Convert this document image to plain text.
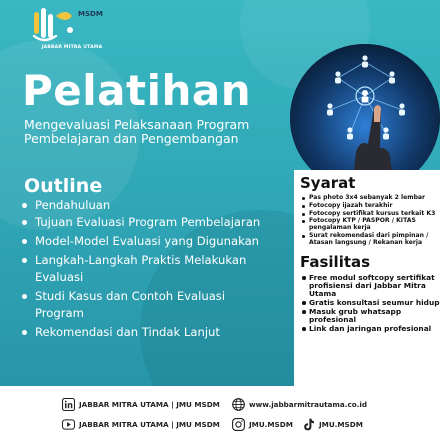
MSDM
JABBAR MITRA UTAMA
Pelatihan
Mengevaluasi Pelaksanaan Program Pembelajaran dan Pengembangan
Outline
Pendahuluan
Tujuan Evaluasi Program Pembelajaran
Model-Model Evaluasi yang Digunakan
Langkah-Langkah Praktis Melakukan Evaluasi
Studi Kasus dan Contoh Evaluasi Program
Rekomendasi dan Tindak Lanjut
Syarat
Pas photo 3x4 sebanyak 2 lembar
Fotocopy ijazah terakhir
Fotocopy sertifikat kursus terkait K3
Fotocopy KTP / PASPOR / KITAS pengalaman kerja
Surat rekomendasi dari pimpinan / Atasan langsung / Rekanan kerja
Fasilitas
Free modul softcopy sertifikat profisiensi dari Jabbar Mitra Utama
Gratis konsultasi seumur hidup
Masuk grub whatsapp profesional
Link dan jaringan profesional
JABBAR MITRA UTAMA | JMU MSDM	www.jabbarmitrautama.co.id
JABBAR MITRA UTAMA | JMU MSDM	JMU.MSDM	JMU.MSDM
